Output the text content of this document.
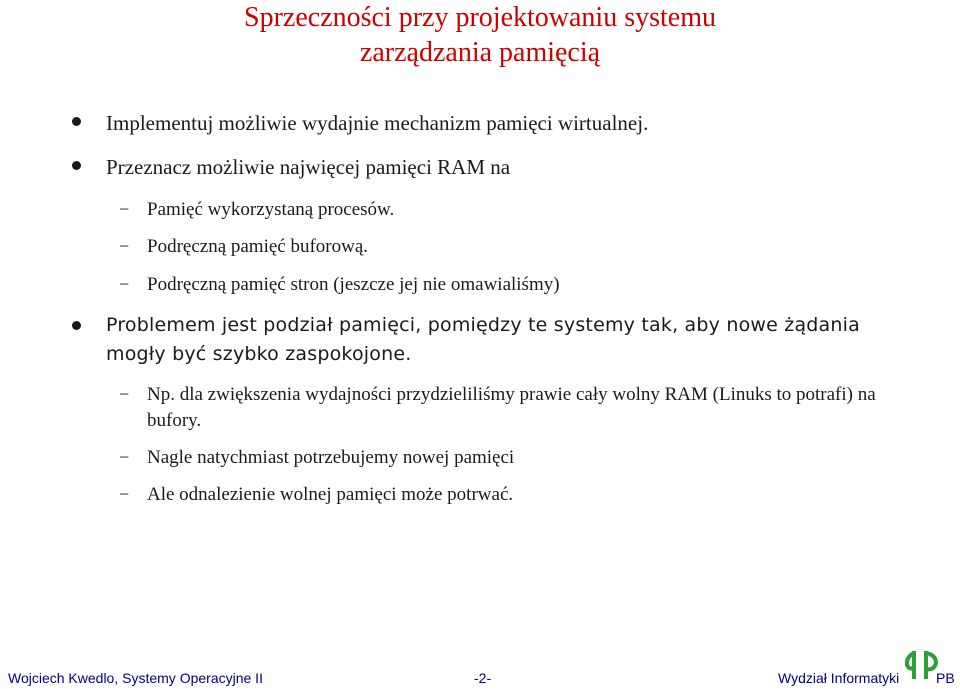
Sprzeczności przy projektowaniu systemu
zarządzania pamięcią
Implementuj możliwie wydajnie mechanizm pamięci wirtualnej.
Przeznacz możliwie najwięcej pamięci RAM na
− Pamięć wykorzystaną procesów.
− Podręczną pamięć buforową.
− Podręczną pamięć stron (jeszcze jej nie omawialiśmy)
Problemem jest podział pamięci, pomiędzy te systemy tak, aby nowe żądania mogły być szybko zaspokojone.
− Np. dla zwiększenia wydajności przydzieliliśmy prawie cały wolny RAM (Linuks to potrafi) na bufory.
− Nagle natychmiast potrzebujemy nowej pamięci
− Ale odnalezienie wolnej pamięci może potrwać.
Wojciech Kwedlo, Systemy Operacyjne II	-2-	Wydział Informatyki	PB
